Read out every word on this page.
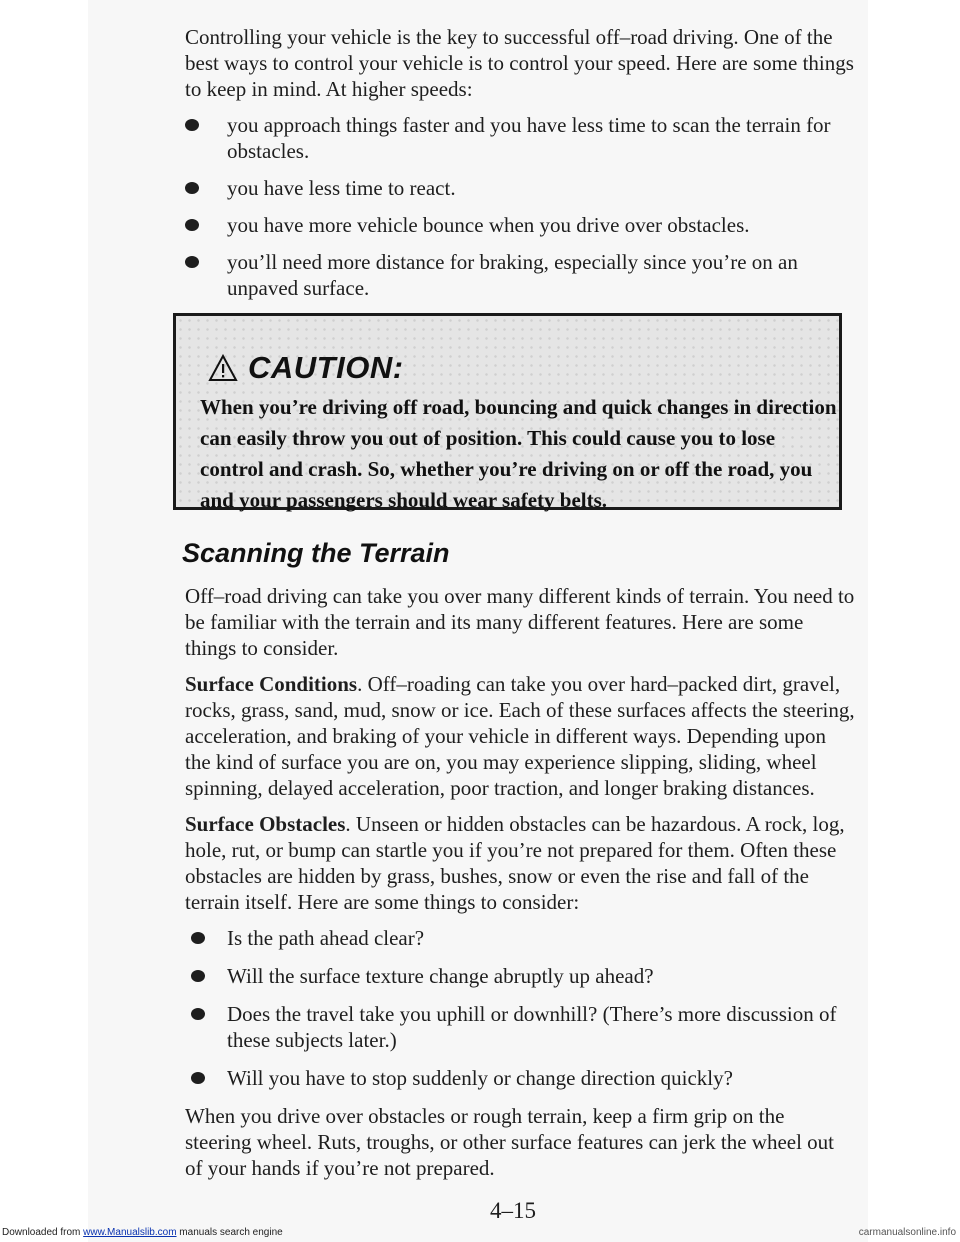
Controlling your vehicle is the key to successful off–road driving. One of the best ways to control your vehicle is to control your speed. Here are some things to keep in mind. At higher speeds:

you approach things faster and you have less time to scan the terrain for obstacles.
you have less time to react.
you have more vehicle bounce when you drive over obstacles.
you’ll need more distance for braking, especially since you’re on an unpaved surface.
CAUTION:

When you’re driving off road, bouncing and quick changes in direction can easily throw you out of position. This could cause you to lose control and crash. So, whether you’re driving on or off the road, you and your passengers should wear safety belts.

Scanning the Terrain

Off–road driving can take you over many different kinds of terrain. You need to be familiar with the terrain and its many different features. Here are some things to consider.

Surface Conditions. Off–roading can take you over hard–packed dirt, gravel, rocks, grass, sand, mud, snow or ice. Each of these surfaces affects the steering, acceleration, and braking of your vehicle in different ways. Depending upon the kind of surface you are on, you may experience slipping, sliding, wheel spinning, delayed acceleration, poor traction, and longer braking distances.

Surface Obstacles. Unseen or hidden obstacles can be hazardous. A rock, log, hole, rut, or bump can startle you if you’re not prepared for them. Often these obstacles are hidden by grass, bushes, snow or even the rise and fall of the terrain itself. Here are some things to consider:

Is the path ahead clear?
Will the surface texture change abruptly up ahead?
Does the travel take you uphill or downhill? (There’s more discussion of these subjects later.)
Will you have to stop suddenly or change direction quickly?

When you drive over obstacles or rough terrain, keep a firm grip on the steering wheel. Ruts, troughs, or other surface features can jerk the wheel out of your hands if you’re not prepared.

4–15
Downloaded from www.Manualslib.com manuals search engine	carmanualsonline.info
